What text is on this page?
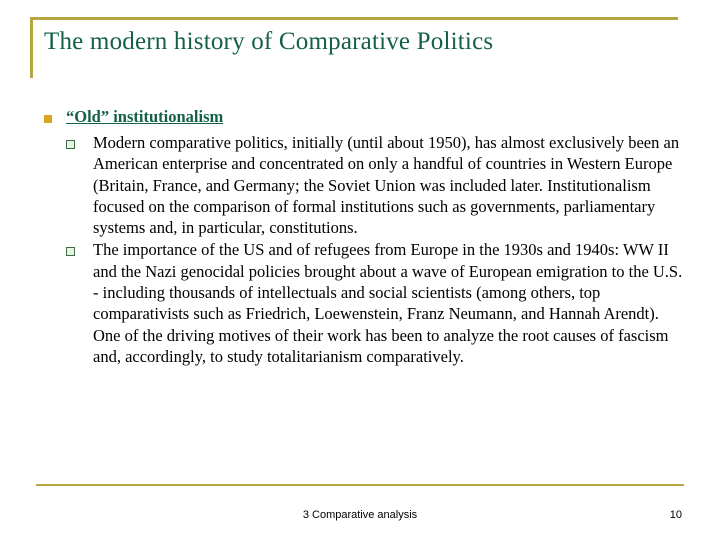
The modern history of Comparative Politics
“Old” institutionalism
Modern comparative politics, initially (until about 1950), has almost exclusively been an American enterprise and concentrated on only a handful of countries in Western Europe (Britain, France, and Germany; the Soviet Union was included later. Institutionalism focused on the comparison of formal institutions such as governments, parliamentary systems and, in particular, constitutions.
The importance of the US and of refugees from Europe in the 1930s and 1940s: WW II and the Nazi genocidal policies brought about a wave of European emigration to the U.S. - including thousands of intellectuals and social scientists (among others, top comparativists such as Friedrich, Loewenstein, Franz Neumann, and Hannah Arendt). One of the driving motives of their work has been to analyze the root causes of fascism and, accordingly, to study totalitarianism comparatively.
3 Comparative analysis	10
